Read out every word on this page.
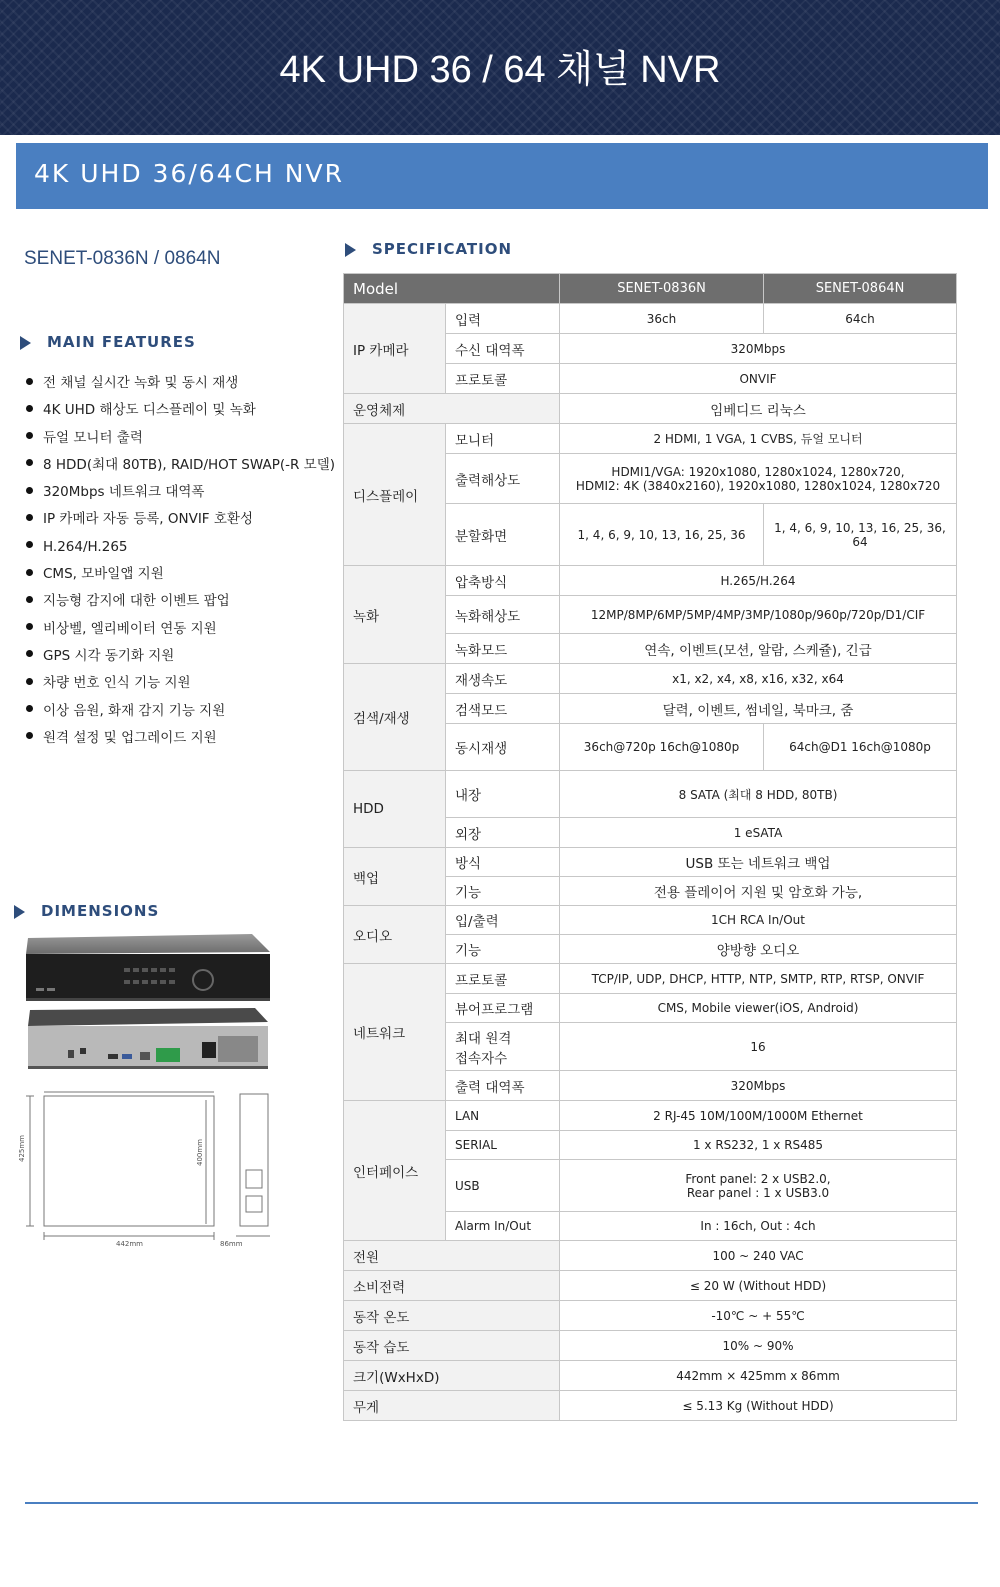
4K UHD 36 / 64 채널 NVR
4K UHD 36/64CH NVR
SENET-0836N / 0864N
MAIN FEATURES
전 채널 실시간 녹화 및 동시 재생
4K UHD 해상도 디스플레이 및 녹화
듀얼 모니터 출력
8 HDD(최대 80TB), RAID/HOT SWAP(-R 모델)
320Mbps 네트워크 대역폭
IP 카메라 자동 등록, ONVIF 호환성
H.264/H.265
CMS, 모바일앱 지원
지능형 감지에 대한 이벤트 팝업
비상벨, 엘리베이터 연동 지원
GPS 시각 동기화 지원
차량 번호 인식 기능 지원
이상 음원, 화재 감지 기능 지원
원격 설정 및 업그레이드 지원
DIMENSIONS
425mm	400mm
442mm	86mm
SPECIFICATION
Model		SENET-0836N	SENET-0864N
IP 카메라	입력	36ch	64ch
	수신 대역폭	320Mbps	
	프로토콜	ONVIF	
운영체제		임베디드 리눅스	
디스플레이	모니터	2 HDMI, 1 VGA, 1 CVBS, 듀얼 모니터	
	출력해상도	HDMI1/VGA: 1920x1080, 1280x1024, 1280x720,
HDMI2: 4K (3840x2160), 1920x1080, 1280x1024, 1280x720	

	분할화면	1, 4, 6, 9, 10, 13, 16, 25, 36	1, 4, 6, 9, 10, 13, 16, 25, 36, 64
녹화	압축방식	H.265/H.264	
	녹화해상도	12MP/8MP/6MP/5MP/4MP/3MP/1080p/960p/720p/D1/CIF	
	녹화모드	연속, 이벤트(모션, 알람, 스케쥴), 긴급	
검색/재생	재생속도	x1, x2, x4, x8, x16, x32, x64	
	검색모드	달력, 이벤트, 썸네일, 북마크, 줌	
	동시재생	36ch@720p 16ch@1080p	64ch@D1 16ch@1080p
HDD	내장	8 SATA (최대 8 HDD, 80TB)	
	외장	1 eSATA	
백업	방식	USB 또는 네트워크 백업	
	기능	전용 플레이어 지원 및 암호화 가능,	
오디오	입/출력	1CH RCA In/Out	
	기능	양방향 오디오	
네트워크	프로토콜	TCP/IP, UDP, DHCP, HTTP, NTP, SMTP, RTP, RTSP, ONVIF	
	뷰어프로그램	CMS, Mobile viewer(iOS, Android)	

	최대 원격
접속자수	16	
	출력 대역폭	320Mbps	
인터페이스	LAN	2 RJ-45 10M/100M/1000M Ethernet	
	SERIAL	1 x RS232, 1 x RS485	
	USB	Front panel: 2 x USB2.0,
Rear panel : 1 x USB3.0	

	Alarm In/Out	In : 16ch, Out : 4ch	
전원		100 ~ 240 VAC	
소비전력		≤ 20 W (Without HDD)	
동작 온도		-10℃ ~ + 55℃	
동작 습도		10% ~ 90%	
크기(WxHxD)		442mm × 425mm x 86mm	
무게		≤ 5.13 Kg (Without HDD)	
